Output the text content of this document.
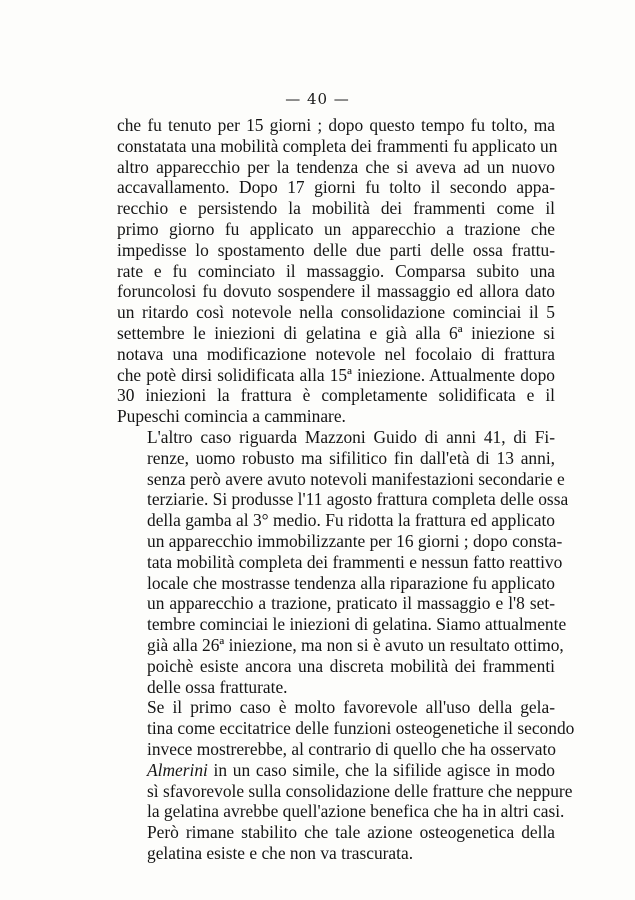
— 40 —
che fu tenuto per 15 giorni ; dopo questo tempo fu tolto, ma
constatata una mobilità completa dei frammenti fu applicato un
altro apparecchio per la tendenza che si aveva ad un nuovo
accavallamento. Dopo 17 giorni fu tolto il secondo appa-
recchio e persistendo la mobilità dei frammenti come il
primo giorno fu applicato un apparecchio a trazione che
impedisse lo spostamento delle due parti delle ossa frattu-
rate e fu cominciato il massaggio. Comparsa subito una
foruncolosi fu dovuto sospendere il massaggio ed allora dato
un ritardo così notevole nella consolidazione cominciai il 5
settembre le iniezioni di gelatina e già alla 6ª iniezione si
notava una modificazione notevole nel focolaio di frattura
che potè dirsi solidificata alla 15ª iniezione. Attualmente dopo
30 iniezioni la frattura è completamente solidificata e il
Pupeschi comincia a camminare.
L'altro caso riguarda Mazzoni Guido di anni 41, di Fi-
renze, uomo robusto ma sifilitico fin dall'età di 13 anni,
senza però avere avuto notevoli manifestazioni secondarie e
terziarie. Si produsse l'11 agosto frattura completa delle ossa
della gamba al 3° medio. Fu ridotta la frattura ed applicato
un apparecchio immobilizzante per 16 giorni ; dopo consta-
tata mobilità completa dei frammenti e nessun fatto reattivo
locale che mostrasse tendenza alla riparazione fu applicato
un apparecchio a trazione, praticato il massaggio e l'8 set-
tembre cominciai le iniezioni di gelatina. Siamo attualmente
già alla 26ª iniezione, ma non si è avuto un resultato ottimo,
poichè esiste ancora una discreta mobilità dei frammenti
delle ossa fratturate.
Se il primo caso è molto favorevole all'uso della gela-
tina come eccitatrice delle funzioni osteogenetiche il secondo
invece mostrerebbe, al contrario di quello che ha osservato
Almerini in un caso simile, che la sifilide agisce in modo
sì sfavorevole sulla consolidazione delle fratture che neppure
la gelatina avrebbe quell'azione benefica che ha in altri casi.
Però rimane stabilito che tale azione osteogenetica della
gelatina esiste e che non va trascurata.
